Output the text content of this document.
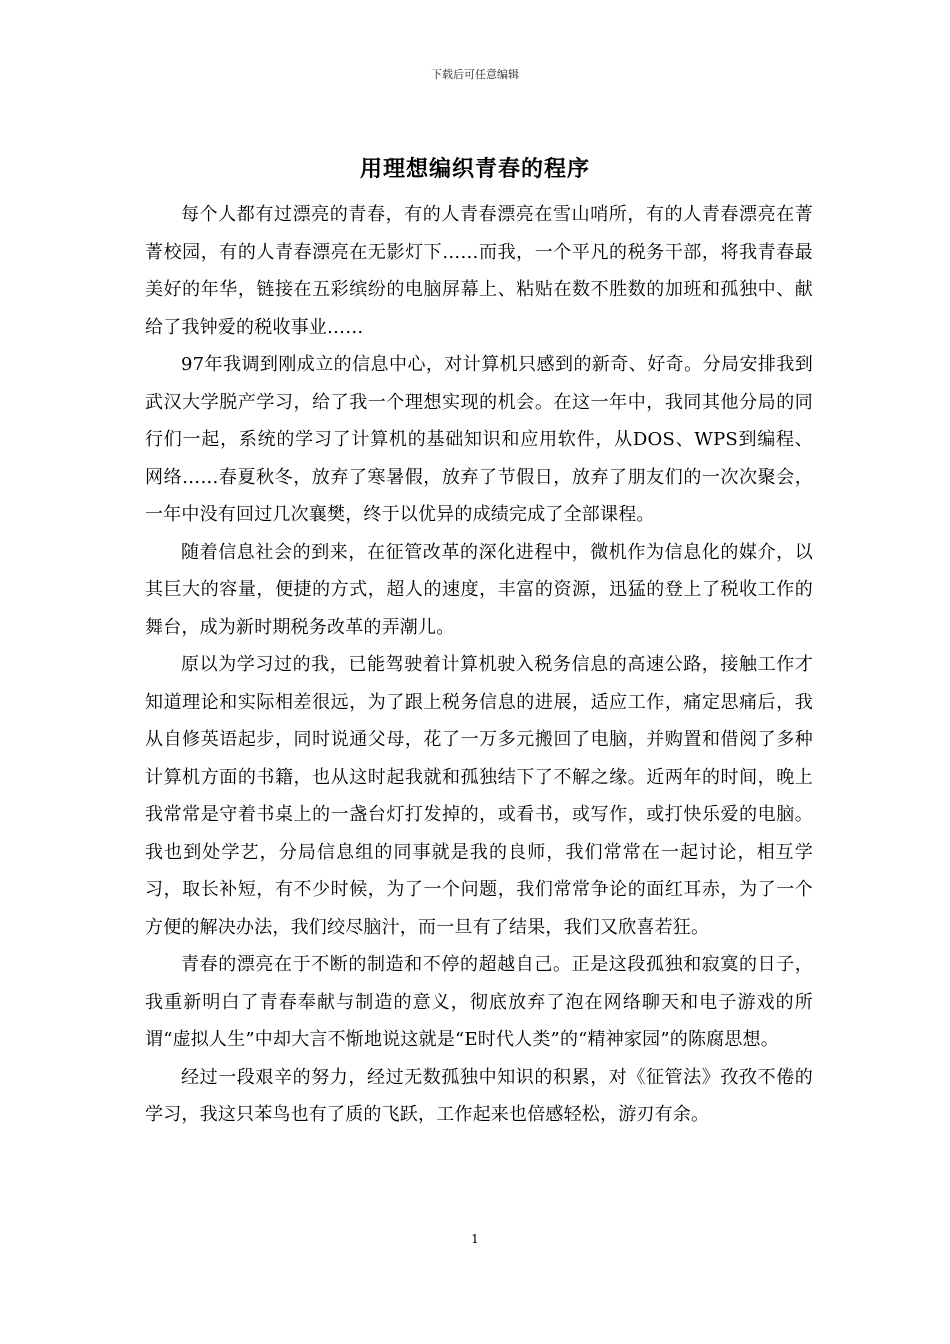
下载后可任意编辑
用理想编织青春的程序

每个人都有过漂亮的青春，有的人青春漂亮在雪山哨所，有的人青春漂亮在菁菁校园，有的人青春漂亮在无影灯下……而我，一个平凡的税务干部，将我青春最美好的年华，链接在五彩缤纷的电脑屏幕上、粘贴在数不胜数的加班和孤独中、献给了我钟爱的税收事业……

97年我调到刚成立的信息中心，对计算机只感到的新奇、好奇。分局安排我到武汉大学脱产学习，给了我一个理想实现的机会。在这一年中，我同其他分局的同行们一起，系统的学习了计算机的基础知识和应用软件，从DOS、WPS到编程、网络……春夏秋冬，放弃了寒暑假，放弃了节假日，放弃了朋友们的一次次聚会，一年中没有回过几次襄樊，终于以优异的成绩完成了全部课程。

随着信息社会的到来，在征管改革的深化进程中，微机作为信息化的媒介，以其巨大的容量，便捷的方式，超人的速度，丰富的资源，迅猛的登上了税收工作的舞台，成为新时期税务改革的弄潮儿。

原以为学习过的我，已能驾驶着计算机驶入税务信息的高速公路，接触工作才知道理论和实际相差很远，为了跟上税务信息的进展，适应工作，痛定思痛后，我从自修英语起步，同时说通父母，花了一万多元搬回了电脑，并购置和借阅了多种计算机方面的书籍，也从这时起我就和孤独结下了不解之缘。近两年的时间，晚上我常常是守着书桌上的一盏台灯打发掉的，或看书，或写作，或打快乐爱的电脑。我也到处学艺，分局信息组的同事就是我的良师，我们常常在一起讨论，相互学习，取长补短，有不少时候，为了一个问题，我们常常争论的面红耳赤，为了一个方便的解决办法，我们绞尽脑汁，而一旦有了结果，我们又欣喜若狂。

青春的漂亮在于不断的制造和不停的超越自己。正是这段孤独和寂寞的日子，我重新明白了青春奉献与制造的意义，彻底放弃了泡在网络聊天和电子游戏的所谓“虚拟人生”中却大言不惭地说这就是“E时代人类”的“精神家园”的陈腐思想。

经过一段艰辛的努力，经过无数孤独中知识的积累，对《征管法》孜孜不倦的学习，我这只苯鸟也有了质的飞跃，工作起来也倍感轻松，游刃有余。

1
